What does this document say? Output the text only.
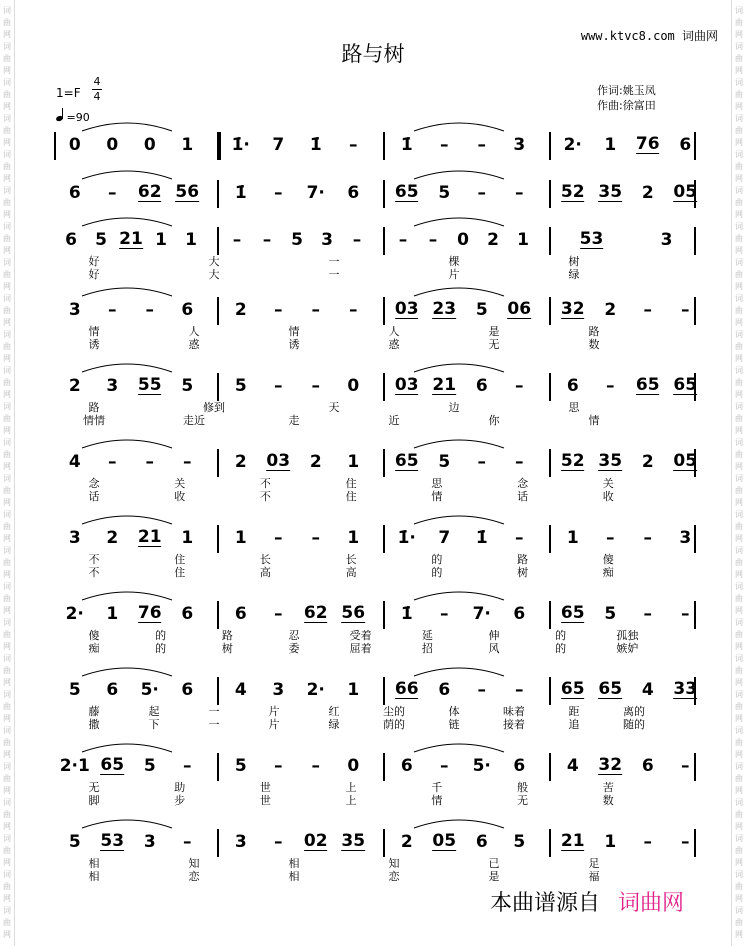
词
曲
网
词
曲
网
词
曲
网
词
曲
网
词
曲
网
词
曲
网
词
曲
网
词
曲
网
词
曲
网
词
曲
网
词
曲
网
词
曲
网
词
曲
网
词
曲
网
词
曲
网
词
曲
网
词
曲
网
词
曲
网
词
曲
网
词
曲
网
词
曲
网
词
曲
网
词
曲
网
词
曲
网
词
曲
网
词
曲
网
词
曲
网
词
曲
网
词
曲
网
词
曲
网
词
曲
网
词
曲
网
词
曲
网
词
曲
网
词
曲
网
词
曲
网
词
曲
网
词
曲
网
词
曲
网
词
曲
网
词
曲
网
词
曲
网
词
曲
网
词
曲
网
词
曲
网
词
曲
网
词
曲
网
词
曲
网
词
曲
网
词
曲
网
词
曲
网
词
曲
网
路与树
www.ktvc8.com 词曲网
作词:姚玉凤
作曲:徐富田
1=F
4
4
=90
0 0 0 1 1̇· 7 1̇ –	1̇ – – 3 2· 1 76 6
6 – 62 56 1̇ – 7· 6 65 5 – – 52 35 2 05
6 5 21 1 1 – – 5 3 – – – 0 2 1	53	3
好	大	一	棵	树
好	大	一	片	绿
3 – – 6 2 – – – 03 23 5 06 32 2 – –
情	人	情	人	是	路
诱	惑	诱	惑	无	数
2 3 55 5 5 – – 0 03 21 6 –	6 – 65 65
路	修到	天	边	思
情情	走近	走	近	你	情
4 – – –	2 03 2 1 65 5 – – 52 35 2 05
念	关	不	住	思	念	关
话	收	不	住	情	话	收
3 2 21 1 1 – – 1 1̇· 7 1̇ –	1 – – 3
不	住	长	长	的	路	傻
不	住	高	高	的	树	痴
2· 1 76 6 6 – 62 56 1̇ – 7· 6 65 5 – –
傻	的	路	忍	受着	延	伸	的	孤独
痴	的	树	委	屈着	招	风	的	嫉妒
5 6 5· 6 4 3 2· 1 66 6 – – 65 65 4 33
藤	起	一	片	红	尘的	体	味着	距	离的
撒	下	一	片	绿	荫的	链	接着	追	随的
2·1 65 5 –	5 – – 0 6 – 5· 6 4 32 6 –
无	助	世	上	千	般	苦
脚	步	世	上	情	无	数
5 53 3 –	3 – 02 35 2 05 6 5 21 1 – –
相	知	相	知	已	足
相	恋	相	恋	是	福
本曲谱源自 词曲网
